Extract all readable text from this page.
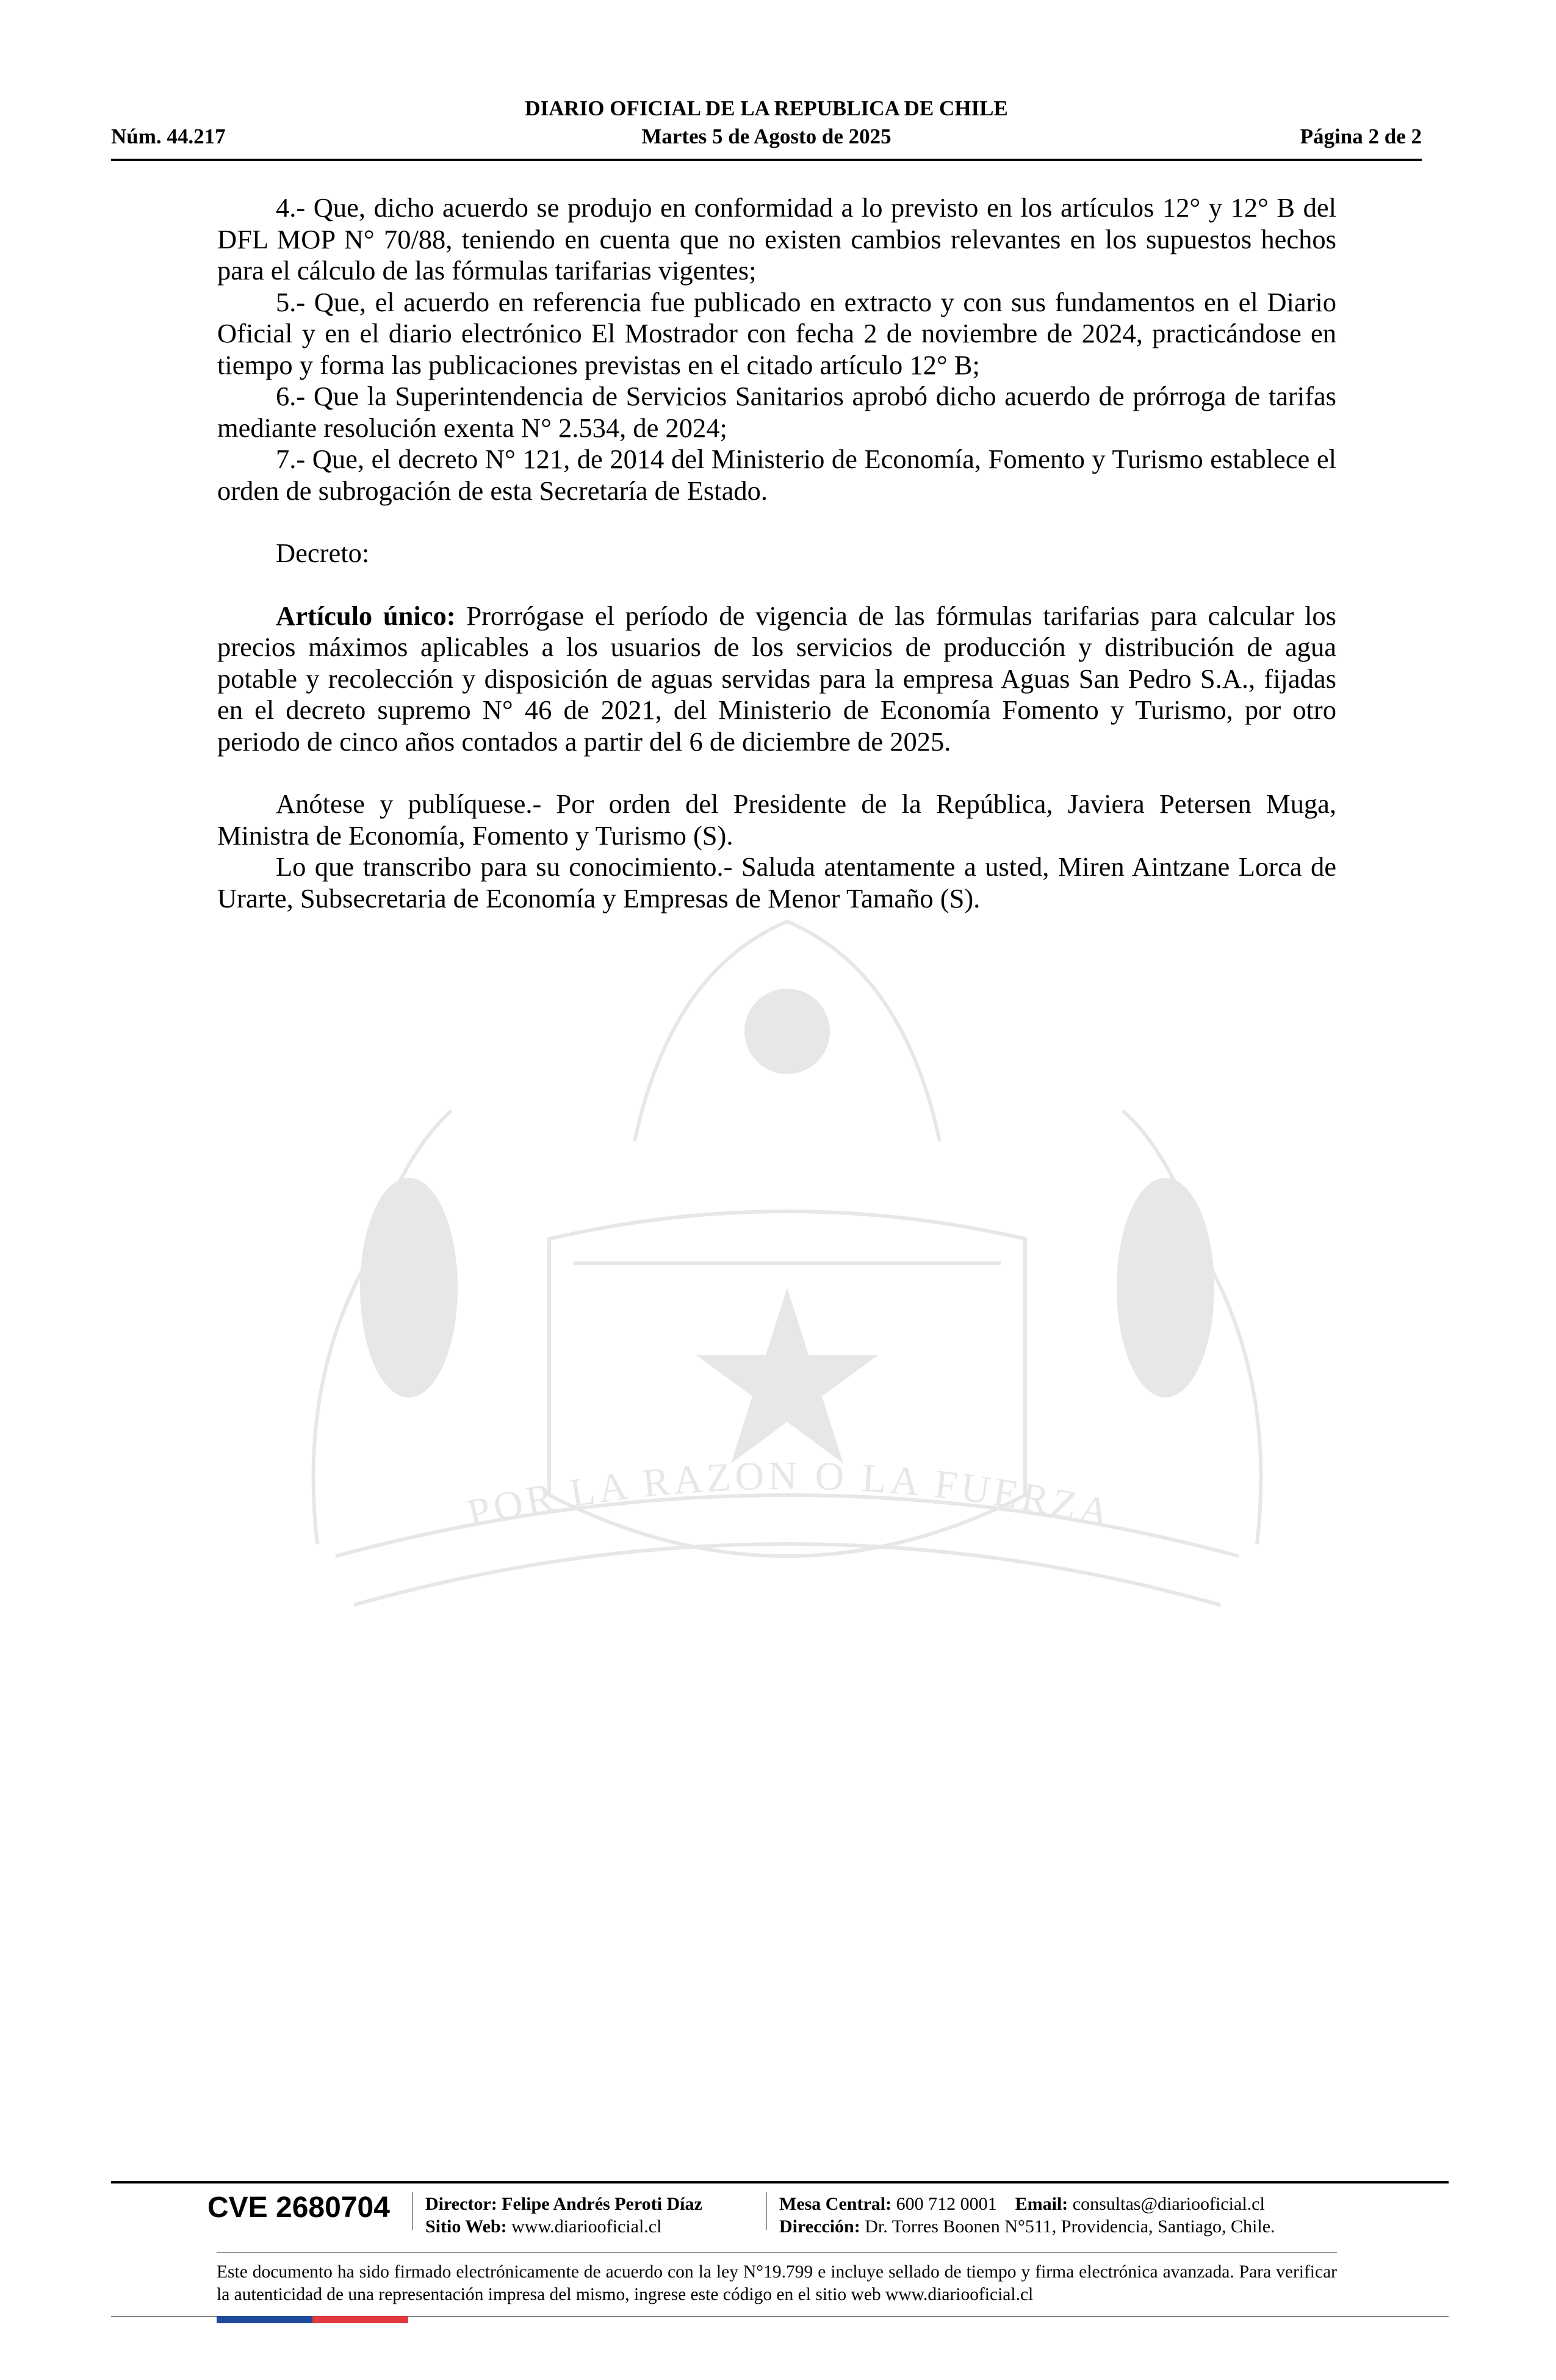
DIARIO OFICIAL DE LA REPUBLICA DE CHILE
Núm. 44.217	Martes 5 de Agosto de 2025	Página 2 de 2

4.- Que, dicho acuerdo se produjo en conformidad a lo previsto en los artículos 12° y 12° B del DFL MOP N° 70/88, teniendo en cuenta que no existen cambios relevantes en los supuestos hechos para el cálculo de las fórmulas tarifarias vigentes;

5.- Que, el acuerdo en referencia fue publicado en extracto y con sus fundamentos en el Diario Oficial y en el diario electrónico El Mostrador con fecha 2 de noviembre de 2024, practicándose en tiempo y forma las publicaciones previstas en el citado artículo 12° B;

6.- Que la Superintendencia de Servicios Sanitarios aprobó dicho acuerdo de prórroga de tarifas mediante resolución exenta N° 2.534, de 2024;

7.- Que, el decreto N° 121, de 2014 del Ministerio de Economía, Fomento y Turismo establece el orden de subrogación de esta Secretaría de Estado.

Decreto:

Artículo único: Prorrógase el período de vigencia de las fórmulas tarifarias para calcular los precios máximos aplicables a los usuarios de los servicios de producción y distribución de agua potable y recolección y disposición de aguas servidas para la empresa Aguas San Pedro S.A., fijadas en el decreto supremo N° 46 de 2021, del Ministerio de Economía Fomento y Turismo, por otro periodo de cinco años contados a partir del 6 de diciembre de 2025.

Anótese y publíquese.- Por orden del Presidente de la República, Javiera Petersen Muga, Ministra de Economía, Fomento y Turismo (S).

Lo que transcribo para su conocimiento.- Saluda atentamente a usted, Miren Aintzane Lorca de Urarte, Subsecretaria de Economía y Empresas de Menor Tamaño (S).

POR LA RAZON O LA FUERZA
CVE 2680704 Director: Felipe Andrés Peroti Díaz
Sitio Web: www.diariooficial.cl
Mesa Central: 600 712 0001 Email: consultas@diariooficial.cl
Dirección: Dr. Torres Boonen N°511, Providencia, Santiago, Chile.
Este documento ha sido firmado electrónicamente de acuerdo con la ley N°19.799 e incluye sellado de tiempo y firma electrónica avanzada. Para verificar la autenticidad de una representación impresa del mismo, ingrese este código en el sitio web www.diariooficial.cl
